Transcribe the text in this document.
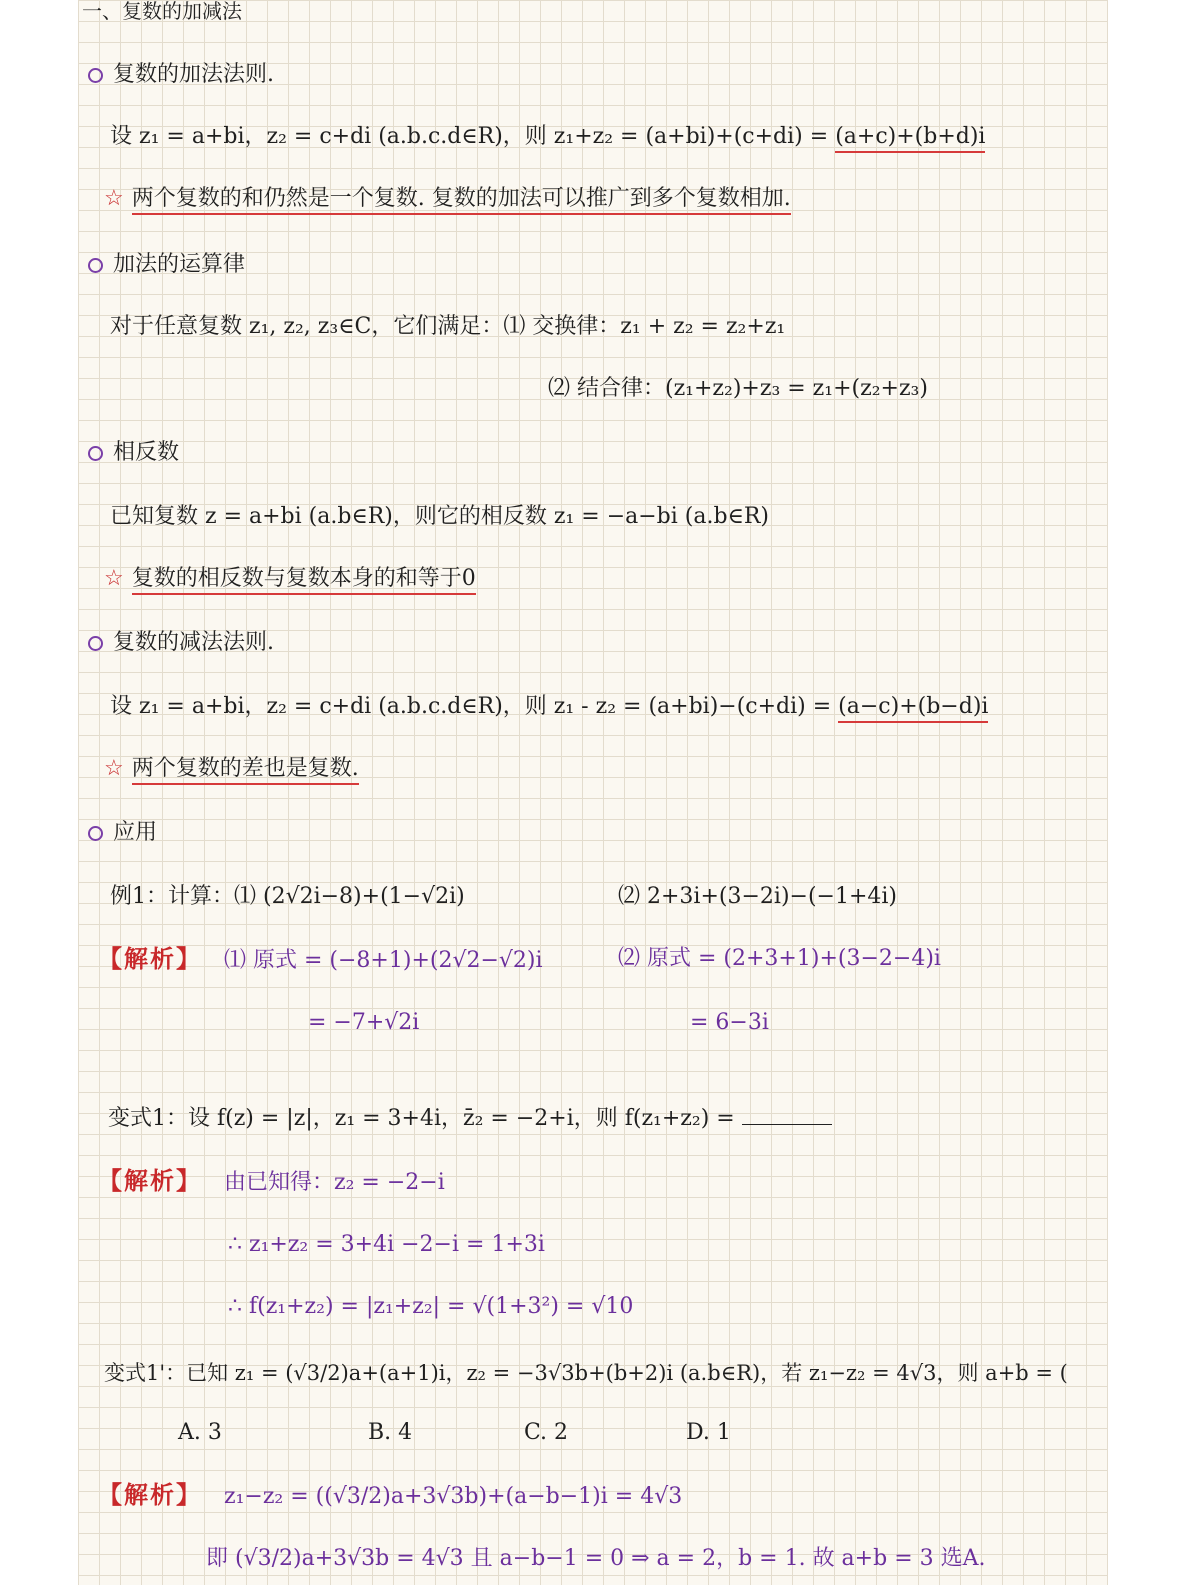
一、复数的加减法
复数的加法法则.
设 z₁ = a+bi，z₂ = c+di (a.b.c.d∈R)，则 z₁+z₂ = (a+bi)+(c+di) = (a+c)+(b+d)i
☆ 两个复数的和仍然是一个复数. 复数的加法可以推广到多个复数相加.
加法的运算律
对于任意复数 z₁, z₂, z₃∈C，它们满足：⑴ 交换律：z₁ + z₂ = z₂+z₁
⑵ 结合律：(z₁+z₂)+z₃ = z₁+(z₂+z₃)
相反数
已知复数 z = a+bi (a.b∈R)，则它的相反数 z₁ = −a−bi (a.b∈R)
☆ 复数的相反数与复数本身的和等于0
复数的减法法则.
设 z₁ = a+bi，z₂ = c+di (a.b.c.d∈R)，则 z₁ - z₂ = (a+bi)−(c+di) = (a−c)+(b−d)i
☆ 两个复数的差也是复数.
应用
例1：计算：⑴ (2√2i−8)+(1−√2i)	⑵ 2+3i+(3−2i)−(−1+4i)
【解析】 ⑴ 原式 = (−8+1)+(2√2−√2)i	⑵ 原式 = (2+3+1)+(3−2−4)i
= −7+√2i	= 6−3i
变式1：设 f(z) = |z|，z₁ = 3+4i，z̄₂ = −2+i，则 f(z₁+z₂) =
【解析】 由已知得：z₂ = −2−i
∴ z₁+z₂ = 3+4i −2−i = 1+3i
∴ f(z₁+z₂) = |z₁+z₂| = √(1+3²) = √10
变式1'：已知 z₁ = (√3/2)a+(a+1)i，z₂ = −3√3b+(b+2)i (a.b∈R)，若 z₁−z₂ = 4√3，则 a+b = (
A. 3	B. 4	C. 2	D. 1
【解析】 z₁−z₂ = ((√3/2)a+3√3b)+(a−b−1)i = 4√3
即 (√3/2)a+3√3b = 4√3 且 a−b−1 = 0 ⇒ a = 2，b = 1. 故 a+b = 3 选A.
